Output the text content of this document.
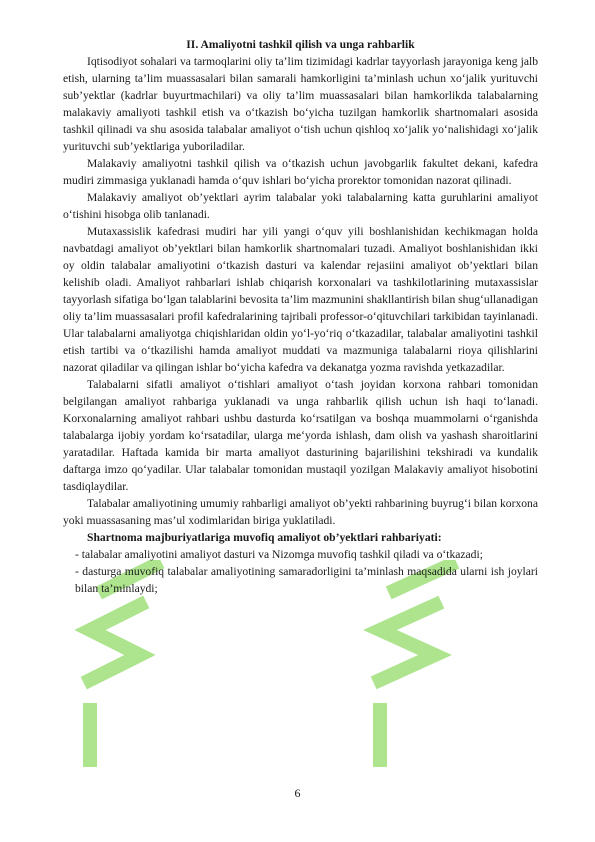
II. Amaliyotni tashkil qilish va unga rahbarlik

Iqtisodiyot sohalari va tarmoqlarini oliy ta’lim tizimidagi kadrlar tayyorlash jarayoniga keng jalb etish, ularning ta’lim muassasalari bilan samarali hamkorligini ta’minlash uchun xo‘jalik yurituvchi sub’yektlar (kadrlar buyurtmachilari) va oliy ta’lim muassasalari bilan hamkorlikda talabalarning malakaviy amaliyoti tashkil etish va o‘tkazish bo‘yicha tuzilgan hamkorlik shartnomalari asosida tashkil qilinadi va shu asosida talabalar amaliyot o‘tish uchun qishloq xo‘jalik yo‘nalishidagi xo‘jalik yurituvchi sub’yektlariga yuboriladilar.

Malakaviy amaliyotni tashkil qilish va o‘tkazish uchun javobgarlik fakultet dekani, kafedra mudiri zimmasiga yuklanadi hamda o‘quv ishlari bo‘yicha prorektor tomonidan nazorat qilinadi.

Malakaviy amaliyot ob’yektlari ayrim talabalar yoki talabalarning katta guruhlarini amaliyot o‘tishini hisobga olib tanlanadi.

Mutaxassislik kafedrasi mudiri har yili yangi o‘quv yili boshlanishidan kechikmagan holda navbatdagi amaliyot ob’yektlari bilan hamkorlik shartnomalari tuzadi. Amaliyot boshlanishidan ikki oy oldin talabalar amaliyotini o‘tkazish dasturi va kalendar rejasiini amaliyot ob’yektlari bilan kelishib oladi. Amaliyot rahbarlari ishlab chiqarish korxonalari va tashkilotlarining mutaxassislar tayyorlash sifatiga bo‘lgan talablarini bevosita ta’lim mazmunini shakllantirish bilan shug‘ullanadigan oliy ta’lim muassasalari profil kafedralarining tajribali professor-o‘qituvchilari tarkibidan tayinlanadi. Ular talabalarni amaliyotga chiqishlaridan oldin yo‘l-yo‘riq o‘tkazadilar, talabalar amaliyotini tashkil etish tartibi va o‘tkazilishi hamda amaliyot muddati va mazmuniga talabalarni rioya qilishlarini nazorat qiladilar va qilingan ishlar bo‘yicha kafedra va dekanatga yozma ravishda yetkazadilar.

Talabalarni sifatli amaliyot o‘tishlari amaliyot o‘tash joyidan korxona rahbari tomonidan belgilangan amaliyot rahbariga yuklanadi va unga rahbarlik qilish uchun ish haqi to‘lanadi. Korxonalarning amaliyot rahbari ushbu dasturda ko‘rsatilgan va boshqa muammolarni o‘rganishda talabalarga ijobiy yordam ko‘rsatadilar, ularga me‘yorda ishlash, dam olish va yashash sharoitlarini yaratadilar. Haftada kamida bir marta amaliyot dasturining bajarilishini tekshiradi va kundalik daftarga imzo qo‘yadilar. Ular talabalar tomonidan mustaqil yozilgan Malakaviy amaliyot hisobotini tasdiqlaydilar.

Talabalar amaliyotining umumiy rahbarligi amaliyot ob’yekti rahbarining buyrug‘i bilan korxona yoki muassasaning mas’ul xodimlaridan biriga yuklatiladi.

Shartnoma majburiyatlariga muvofiq amaliyot ob’yektlari rahbariyati:

- talabalar amaliyotini amaliyot dasturi va Nizomga muvofiq tashkil qiladi va o‘tkazadi;

- dasturga muvofiq talabalar amaliyotining samaradorligini ta’minlash maqsadida ularni ish joylari bilan ta’minlaydi;

6
